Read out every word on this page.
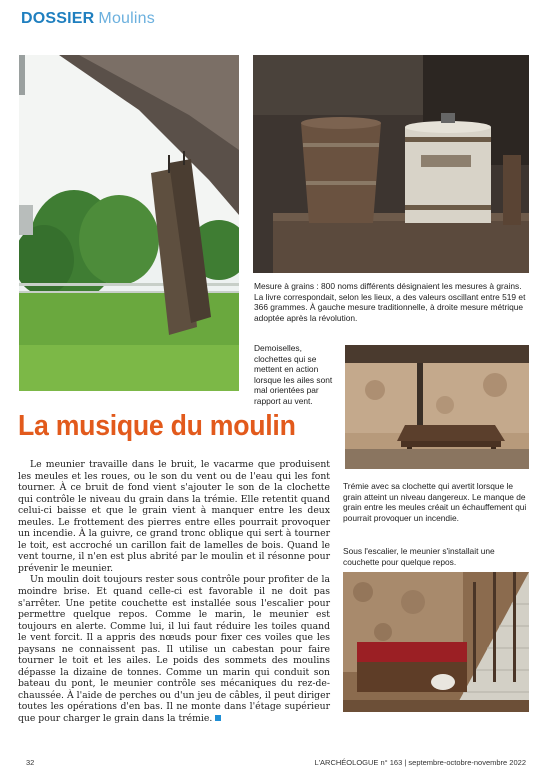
DOSSIER Moulins
Mesure à grains : 800 noms différents désignaient les mesures à grains. La livre correspondait, selon les lieux, a des valeurs oscillant entre 519 et 366 grammes. À gauche mesure traditionnelle, à droite mesure métrique adoptée après la révolution.
Demoiselles, clochettes qui se mettent en action lorsque les ailes sont mal orientées par rapport au vent.
Trémie avec sa clochette qui avertit lorsque le grain atteint un niveau dangereux. Le manque de grain entre les meules créait un échauffement qui pourrait provoquer un incendie.
Sous l'escalier, le meunier s'installait une couchette pour quelque repos.
La musique du moulin

Le meunier travaille dans le bruit, le vacarme que produisent les meules et les roues, ou le son du vent ou de l'eau qui les font tourner. À ce bruit de fond vient s'ajouter le son de la clochette qui contrôle le niveau du grain dans la trémie. Elle retentit quand celui-ci baisse et que le grain vient à manquer entre les deux meules. Le frottement des pierres entre elles pourrait provoquer un incendie. À la guivre, ce grand tronc oblique qui sert à tourner le toit, est accroché un carillon fait de lamelles de bois. Quand le vent tourne, il n'en est plus abrité par le moulin et il résonne pour prévenir le meunier.

Un moulin doit toujours rester sous contrôle pour profiter de la moindre brise. Et quand celle-ci est favorable il ne doit pas s'arrêter. Une petite couchette est installée sous l'escalier pour permettre quelque repos. Comme le marin, le meunier est toujours en alerte. Comme lui, il lui faut réduire les toiles quand le vent forcit. Il a appris des nœuds pour fixer ces voiles que les paysans ne connaissent pas. Il utilise un cabestan pour faire tourner le toit et les ailes. Le poids des sommets des moulins dépasse la dizaine de tonnes. Comme un marin qui conduit son bateau du pont, le meunier contrôle ses mécaniques du rez-de-chaussée. À l'aide de perches ou d'un jeu de câbles, il peut diriger toutes les opérations d'en bas. Il ne monte dans l'étage supérieur que pour charger le grain dans la trémie.

32	L'ARCHÉOLOGUE n° 163 | septembre-octobre-novembre 2022
